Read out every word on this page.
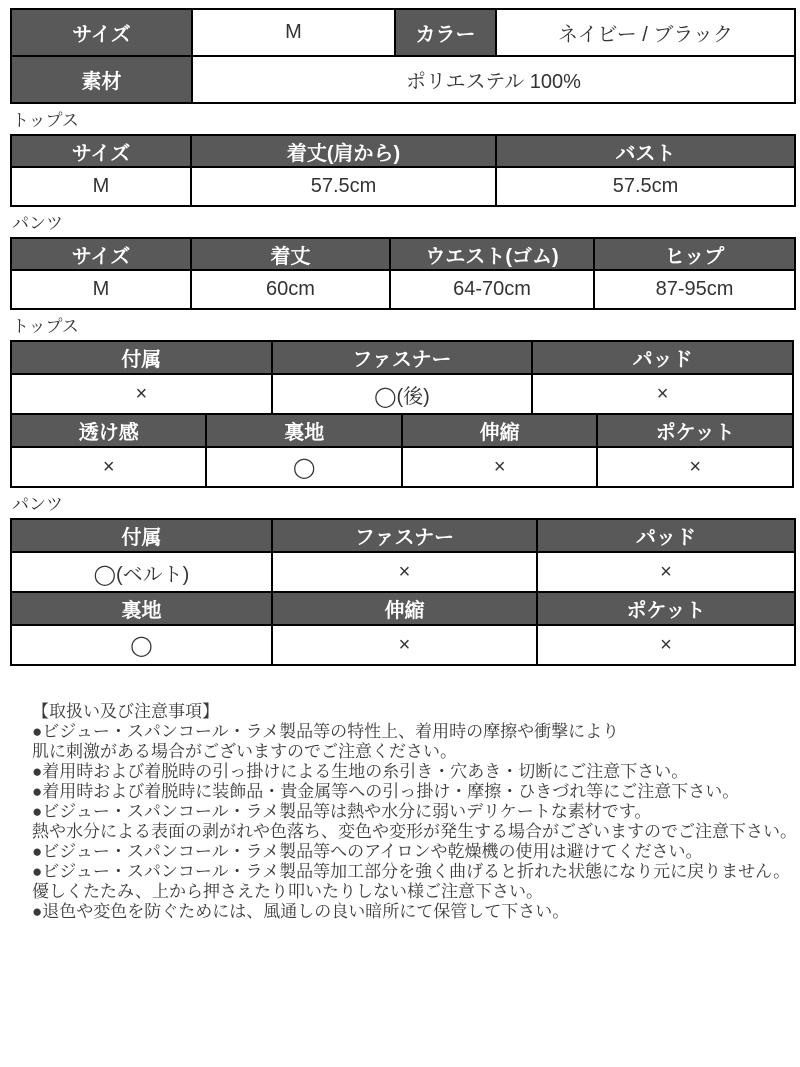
サイズ	M	カラー	ネイビー / ブラック
素材	ポリエステル 100%		
トップス
サイズ	着丈(肩から)	バスト
M	57.5cm	57.5cm
パンツ
サイズ	着丈	ウエスト(ゴム)	ヒップ
M	60cm	64-70cm	87-95cm
トップス
付属		ファスナー		パッド	
×		◯(後)		×	
透け感	裏地		伸縮		ポケット
×	◯		×		×
パンツ
付属	ファスナー	パッド
◯(ベルト)	×	×
裏地	伸縮	ポケット
◯	×	×
【取扱い及び注意事項】
●ビジュー・スパンコール・ラメ製品等の特性上、着用時の摩擦や衝撃により
肌に刺激がある場合がございますのでご注意ください。
●着用時および着脱時の引っ掛けによる生地の糸引き・穴あき・切断にご注意下さい。
●着用時および着脱時に装飾品・貴金属等への引っ掛け・摩擦・ひきづれ等にご注意下さい。
●ビジュー・スパンコール・ラメ製品等は熱や水分に弱いデリケートな素材です。
熱や水分による表面の剥がれや色落ち、変色や変形が発生する場合がございますのでご注意下さい。
●ビジュー・スパンコール・ラメ製品等へのアイロンや乾燥機の使用は避けてください。
●ビジュー・スパンコール・ラメ製品等加工部分を強く曲げると折れた状態になり元に戻りません。
優しくたたみ、上から押さえたり叩いたりしない様ご注意下さい。
●退色や変色を防ぐためには、風通しの良い暗所にて保管して下さい。
